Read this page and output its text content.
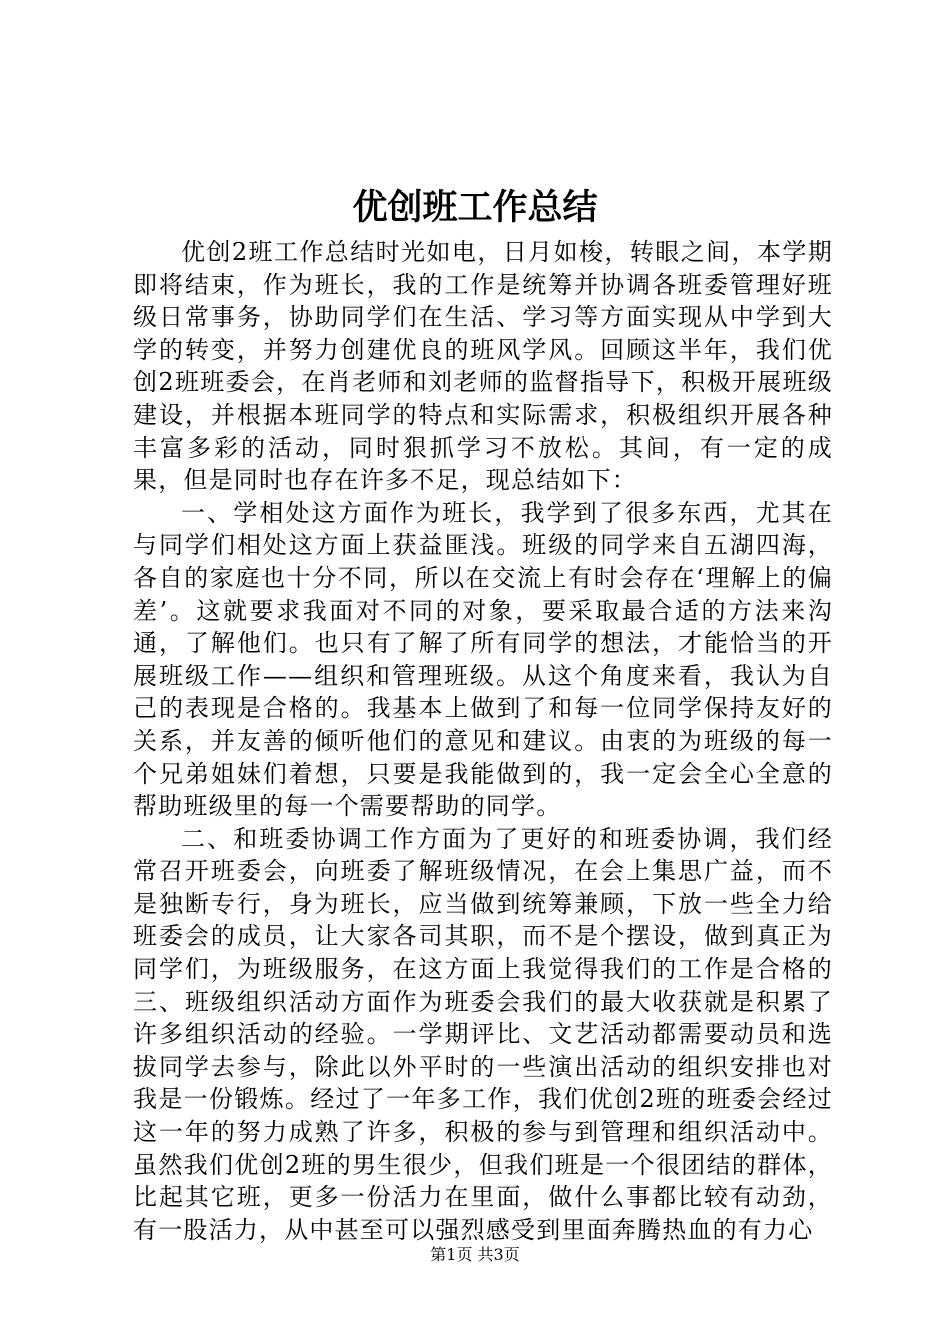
优创班工作总结

优创2班工作总结时光如电，日月如梭，转眼之间，本学期即将结束，作为班长，我的工作是统筹并协调各班委管理好班级日常事务，协助同学们在生活、学习等方面实现从中学到大学的转变，并努力创建优良的班风学风。回顾这半年，我们优创2班班委会，在肖老师和刘老师的监督指导下，积极开展班级建设，并根据本班同学的特点和实际需求，积极组织开展各种丰富多彩的活动，同时狠抓学习不放松。其间，有一定的成果，但是同时也存在许多不足，现总结如下：

一、学相处这方面作为班长，我学到了很多东西，尤其在与同学们相处这方面上获益匪浅。班级的同学来自五湖四海，各自的家庭也十分不同，所以在交流上有时会存在‘理解上的偏差’。这就要求我面对不同的对象，要采取最合适的方法来沟通，了解他们。也只有了解了所有同学的想法，才能恰当的开展班级工作——组织和管理班级。从这个角度来看，我认为自己的表现是合格的。我基本上做到了和每一位同学保持友好的关系，并友善的倾听他们的意见和建议。由衷的为班级的每一个兄弟姐妹们着想，只要是我能做到的，我一定会全心全意的帮助班级里的每一个需要帮助的同学。

二、和班委协调工作方面为了更好的和班委协调，我们经常召开班委会，向班委了解班级情况，在会上集思广益，而不是独断专行，身为班长，应当做到统筹兼顾，下放一些全力给班委会的成员，让大家各司其职，而不是个摆设，做到真正为同学们，为班级服务，在这方面上我觉得我们的工作是合格的三、班级组织活动方面作为班委会我们的最大收获就是积累了许多组织活动的经验。一学期评比、文艺活动都需要动员和选拔同学去参与，除此以外平时的一些演出活动的组织安排也对我是一份锻炼。经过了一年多工作，我们优创2班的班委会经过这一年的努力成熟了许多，积极的参与到管理和组织活动中。虽然我们优创2班的男生很少，但我们班是一个很团结的群体，比起其它班，更多一份活力在里面，做什么事都比较有动劲，有一股活力，从中甚至可以强烈感受到里面奔腾热血的有力心

第1页 共3页
